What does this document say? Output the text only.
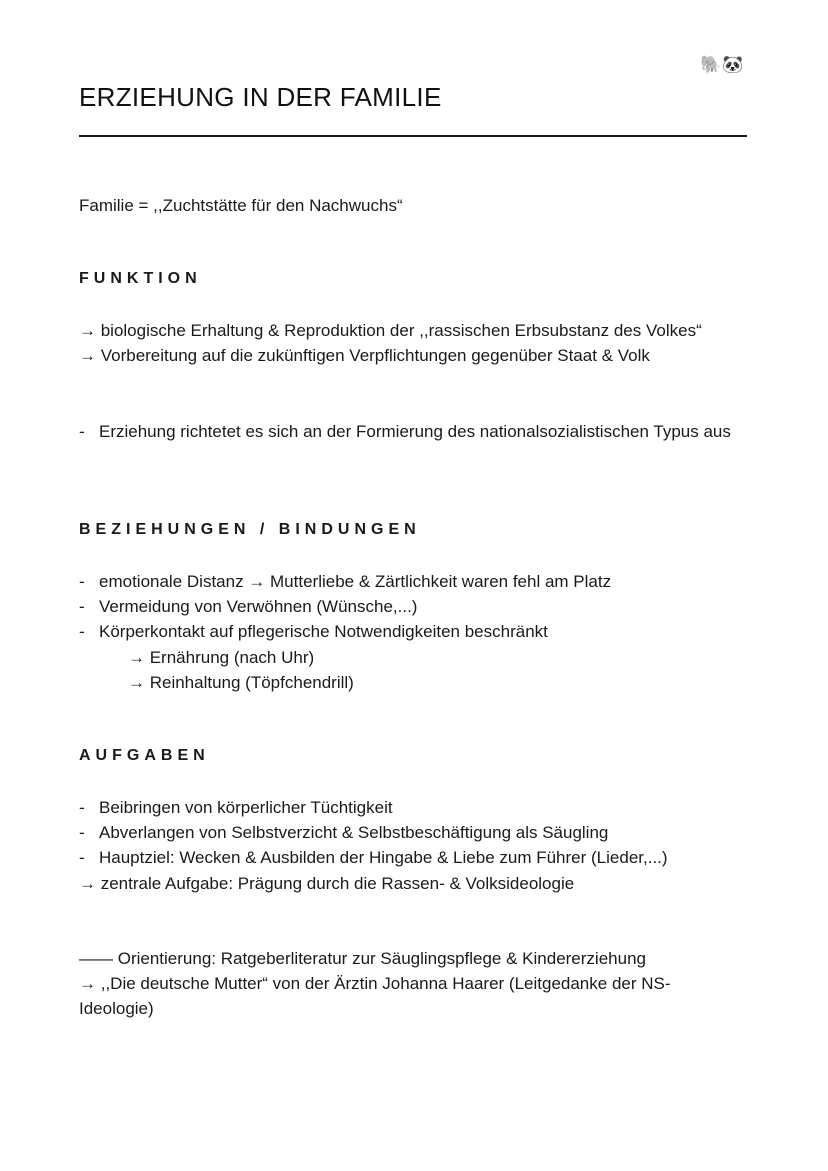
🐘🐼
ERZIEHUNG IN DER FAMILIE
Familie = ,,Zuchtstätte für den Nachwuchs“
FUNKTION
→ biologische Erhaltung & Reproduktion der ,,rassischen Erbsubstanz des Volkes“
→ Vorbereitung auf die zukünftigen Verpflichtungen gegenüber Staat & Volk
- Erziehung richtetet es sich an der Formierung des nationalsozialistischen Typus aus
BEZIEHUNGEN / BINDUNGEN
- emotionale Distanz → Mutterliebe & Zärtlichkeit waren fehl am Platz
- Vermeidung von Verwöhnen (Wünsche,...)
- Körperkontakt auf pflegerische Notwendigkeiten beschränkt
→ Ernährung (nach Uhr)
→ Reinhaltung (Töpfchendrill)
AUFGABEN
- Beibringen von körperlicher Tüchtigkeit
- Abverlangen von Selbstverzicht & Selbstbeschäftigung als Säugling
- Hauptziel: Wecken & Ausbilden der Hingabe & Liebe zum Führer (Lieder,...)
→ zentrale Aufgabe: Prägung durch die Rassen- & Volksideologie
—— Orientierung: Ratgeberliteratur zur Säuglingspflege & Kindererziehung
→ ,,Die deutsche Mutter“ von der Ärztin Johanna Haarer (Leitgedanke der NS-Ideologie)
